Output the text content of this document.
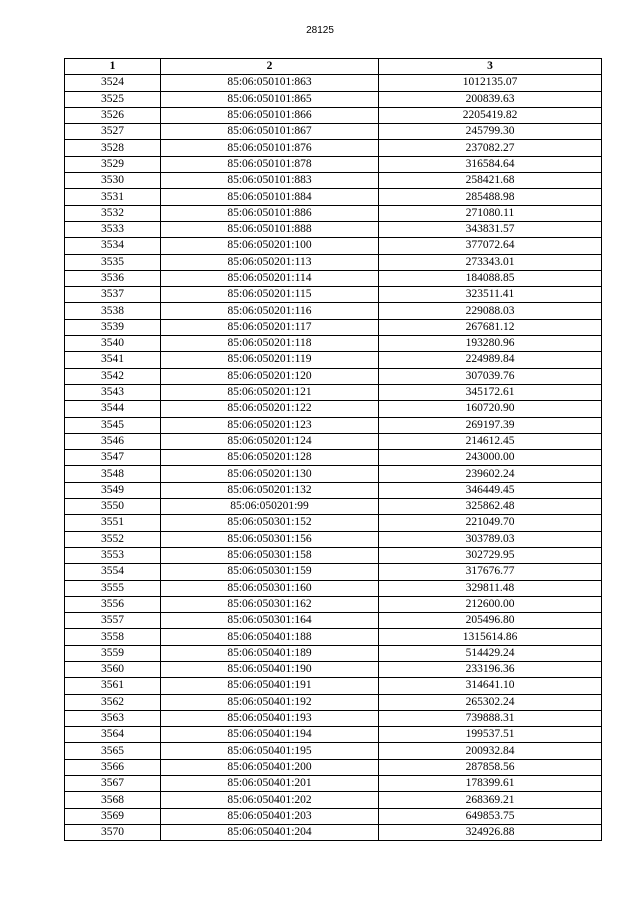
28125
1	2	3
3524	85:06:050101:863	1012135.07
3525	85:06:050101:865	200839.63
3526	85:06:050101:866	2205419.82
3527	85:06:050101:867	245799.30
3528	85:06:050101:876	237082.27
3529	85:06:050101:878	316584.64
3530	85:06:050101:883	258421.68
3531	85:06:050101:884	285488.98
3532	85:06:050101:886	271080.11
3533	85:06:050101:888	343831.57
3534	85:06:050201:100	377072.64
3535	85:06:050201:113	273343.01
3536	85:06:050201:114	184088.85
3537	85:06:050201:115	323511.41
3538	85:06:050201:116	229088.03
3539	85:06:050201:117	267681.12
3540	85:06:050201:118	193280.96
3541	85:06:050201:119	224989.84
3542	85:06:050201:120	307039.76
3543	85:06:050201:121	345172.61
3544	85:06:050201:122	160720.90
3545	85:06:050201:123	269197.39
3546	85:06:050201:124	214612.45
3547	85:06:050201:128	243000.00
3548	85:06:050201:130	239602.24
3549	85:06:050201:132	346449.45
3550	85:06:050201:99	325862.48
3551	85:06:050301:152	221049.70
3552	85:06:050301:156	303789.03
3553	85:06:050301:158	302729.95
3554	85:06:050301:159	317676.77
3555	85:06:050301:160	329811.48
3556	85:06:050301:162	212600.00
3557	85:06:050301:164	205496.80
3558	85:06:050401:188	1315614.86
3559	85:06:050401:189	514429.24
3560	85:06:050401:190	233196.36
3561	85:06:050401:191	314641.10
3562	85:06:050401:192	265302.24
3563	85:06:050401:193	739888.31
3564	85:06:050401:194	199537.51
3565	85:06:050401:195	200932.84
3566	85:06:050401:200	287858.56
3567	85:06:050401:201	178399.61
3568	85:06:050401:202	268369.21
3569	85:06:050401:203	649853.75
3570	85:06:050401:204	324926.88
